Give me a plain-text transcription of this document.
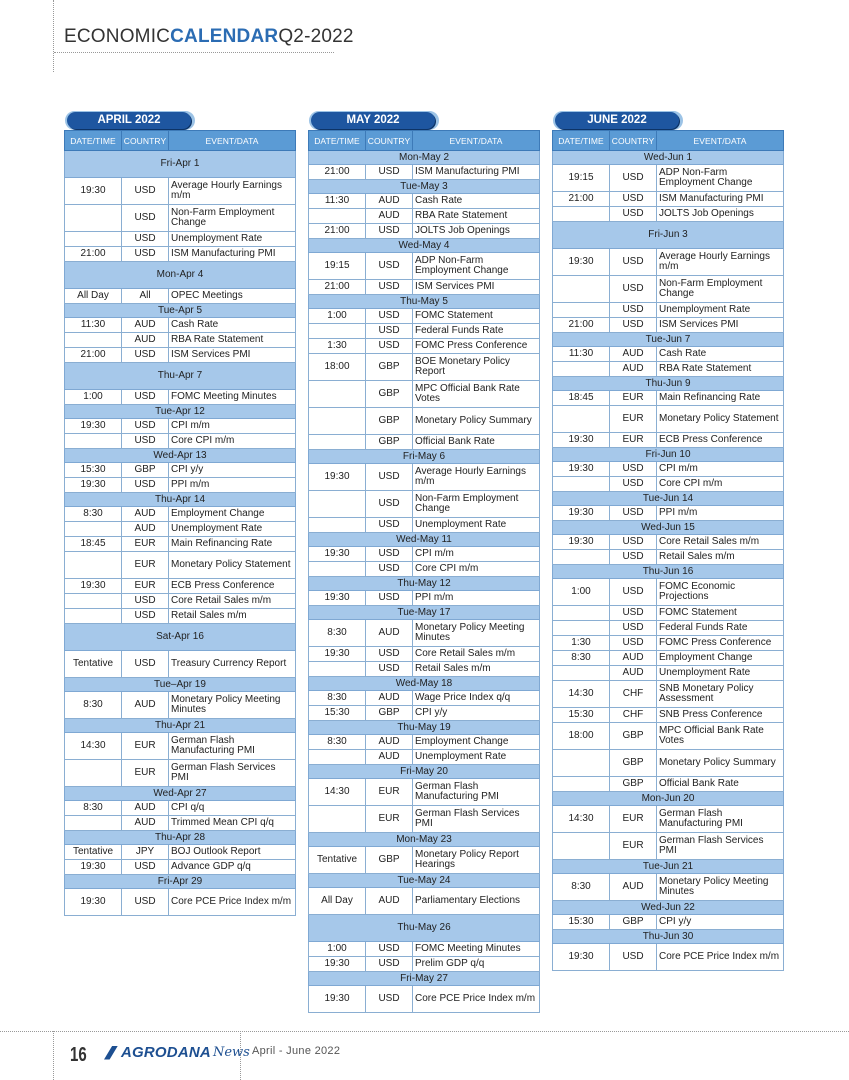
ECONOMICCALENDARQ2-2022
APRIL 2022
DATE/TIME	COUNTRY	EVENT/DATA
Fri-Apr 1		
19:30	USD	Average Hourly Earnings m/m
	USD	Non-Farm Employment Change
	USD	Unemployment Rate
21:00	USD	ISM Manufacturing PMI
Mon-Apr 4		
All Day	All	OPEC Meetings
Tue-Apr 5		
11:30	AUD	Cash Rate
	AUD	RBA Rate Statement
21:00	USD	ISM Services PMI
Thu-Apr 7		
1:00	USD	FOMC Meeting Minutes
Tue-Apr 12		
19:30	USD	CPI m/m
	USD	Core CPI m/m
Wed-Apr 13		
15:30	GBP	CPI y/y
19:30	USD	PPI m/m
Thu-Apr 14		
8:30	AUD	Employment Change
	AUD	Unemployment Rate
18:45	EUR	Main Refinancing Rate
	EUR	Monetary Policy Statement
19:30	EUR	ECB Press Conference
	USD	Core Retail Sales m/m
	USD	Retail Sales m/m
Sat-Apr 16		
Tentative	USD	Treasury Currency Report
Tue–Apr 19		
8:30	AUD	Monetary Policy Meeting Minutes
Thu-Apr 21		
14:30	EUR	German Flash Manufacturing PMI
	EUR	German Flash Services PMI
Wed-Apr 27		
8:30	AUD	CPI q/q
	AUD	Trimmed Mean CPI q/q
Thu-Apr 28		
Tentative	JPY	BOJ Outlook Report
19:30	USD	Advance GDP q/q
Fri-Apr 29		
19:30	USD	Core PCE Price Index m/m
MAY 2022
DATE/TIME	COUNTRY	EVENT/DATA
Mon-May 2		
21:00	USD	ISM Manufacturing PMI
Tue-May 3		
11:30	AUD	Cash Rate
	AUD	RBA Rate Statement
21:00	USD	JOLTS Job Openings
Wed-May 4		
19:15	USD	ADP Non-Farm Employment Change
21:00	USD	ISM Services PMI
Thu-May 5		
1:00	USD	FOMC Statement
	USD	Federal Funds Rate
1:30	USD	FOMC Press Conference
18:00	GBP	BOE Monetary Policy Report
	GBP	MPC Official Bank Rate Votes
	GBP	Monetary Policy Summary
	GBP	Official Bank Rate
Fri-May 6		
19:30	USD	Average Hourly Earnings m/m
	USD	Non-Farm Employment Change
	USD	Unemployment Rate
Wed-May 11		
19:30	USD	CPI m/m
	USD	Core CPI m/m
Thu-May 12		
19:30	USD	PPI m/m
Tue-May 17		
8:30	AUD	Monetary Policy Meeting Minutes
19:30	USD	Core Retail Sales m/m
	USD	Retail Sales m/m
Wed-May 18		
8:30	AUD	Wage Price Index q/q
15:30	GBP	CPI y/y
Thu-May 19		
8:30	AUD	Employment Change
	AUD	Unemployment Rate
Fri-May 20		
14:30	EUR	German Flash Manufacturing PMI
	EUR	German Flash Services PMI
Mon-May 23		
Tentative	GBP	Monetary Policy Report Hearings
Tue-May 24		
All Day	AUD	Parliamentary Elections
Thu-May 26		
1:00	USD	FOMC Meeting Minutes
19:30	USD	Prelim GDP q/q
Fri-May 27		
19:30	USD	Core PCE Price Index m/m
JUNE 2022
DATE/TIME	COUNTRY	EVENT/DATA
Wed-Jun 1		
19:15	USD	ADP Non-Farm Employment Change
21:00	USD	ISM Manufacturing PMI
	USD	JOLTS Job Openings
Fri-Jun 3		
19:30	USD	Average Hourly Earnings m/m
	USD	Non-Farm Employment Change
	USD	Unemployment Rate
21:00	USD	ISM Services PMI
Tue-Jun 7		
11:30	AUD	Cash Rate
	AUD	RBA Rate Statement
Thu-Jun 9		
18:45	EUR	Main Refinancing Rate
	EUR	Monetary Policy Statement
19:30	EUR	ECB Press Conference
Fri-Jun 10		
19:30	USD	CPI m/m
	USD	Core CPI m/m
Tue-Jun 14		
19:30	USD	PPI m/m
Wed-Jun 15		
19:30	USD	Core Retail Sales m/m
	USD	Retail Sales m/m
Thu-Jun 16		
1:00	USD	FOMC Economic Projections
	USD	FOMC Statement
	USD	Federal Funds Rate
1:30	USD	FOMC Press Conference
8:30	AUD	Employment Change
	AUD	Unemployment Rate
14:30	CHF	SNB Monetary Policy Assessment
15:30	CHF	SNB Press Conference
18:00	GBP	MPC Official Bank Rate Votes
	GBP	Monetary Policy Summary
	GBP	Official Bank Rate
Mon-Jun 20		
14:30	EUR	German Flash Manufacturing PMI
	EUR	German Flash Services PMI
Tue-Jun 21		
8:30	AUD	Monetary Policy Meeting Minutes
Wed-Jun 22		
15:30	GBP	CPI y/y
Thu-Jun 30		
19:30	USD	Core PCE Price Index m/m
16 AGRODANA News April - June 2022
